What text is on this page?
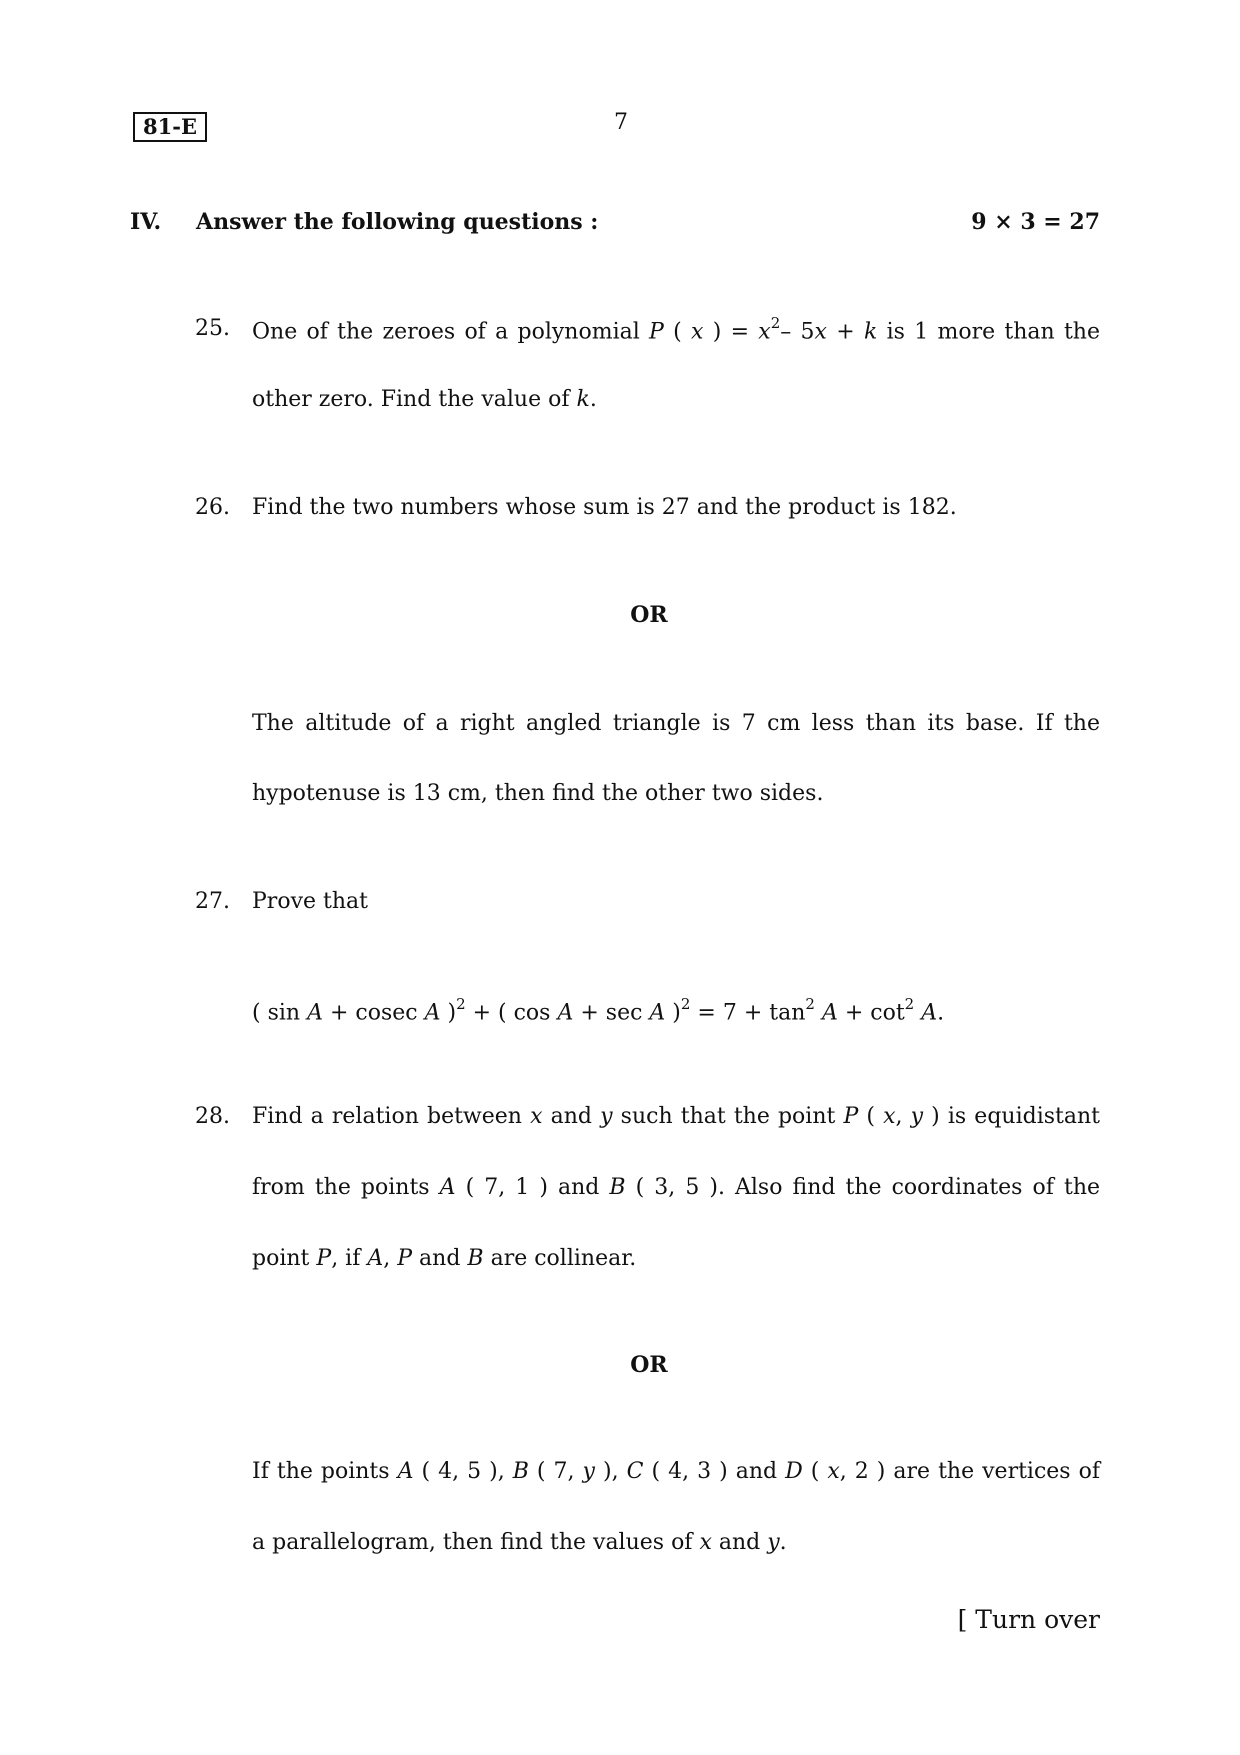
81-E	7
IV. Answer the following questions :	9 × 3 = 27
25. One of the zeroes of a polynomial P ( x ) = $x^2-$ 5x + k is 1 more than the
other zero. Find the value of k.
26. Find the two numbers whose sum is 27 and the product is 182.
OR
The altitude of a right angled triangle is 7 cm less than its base. If the
hypotenuse is 13 cm, then find the other two sides.
27. Prove that
( sin A + cosec A )$^2$ + ( cos A + sec A )$^2 = 7 + \tan^2 A + \cot^2 A$.
28. Find a relation between x and y such that the point P ( x, y ) is equidistant
from the points A ( 7, 1 ) and B ( 3, 5 ). Also find the coordinates of the
point P, if A, P and B are collinear.
OR
If the points A ( 4, 5 ), B ( 7, y ), C ( 4, 3 ) and D ( x, 2 ) are the vertices of
a parallelogram, then find the values of x and y.
[ Turn over
